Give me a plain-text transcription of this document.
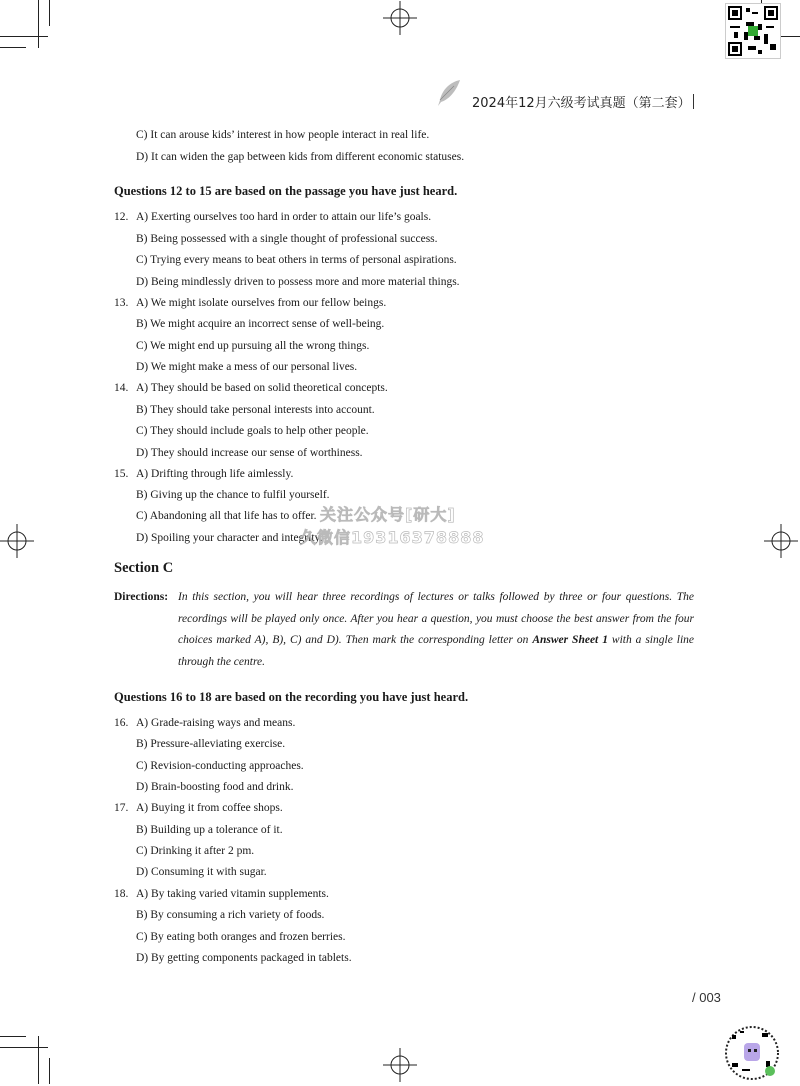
2024年12月六级考试真题（第二套）
C) It can arouse kids’ interest in how people interact in real life.
D) It can widen the gap between kids from different economic statuses.
Questions 12 to 15 are based on the passage you have just heard.
12. A) Exerting ourselves too hard in order to attain our life’s goals.
B) Being possessed with a single thought of professional success.
C) Trying every means to beat others in terms of personal aspirations.
D) Being mindlessly driven to possess more and more material things.
13. A) We might isolate ourselves from our fellow beings.
B) We might acquire an incorrect sense of well-being.
C) We might end up pursuing all the wrong things.
D) We might make a mess of our personal lives.
14. A) They should be based on solid theoretical concepts.
B) They should take personal interests into account.
C) They should include goals to help other people.
D) They should increase our sense of worthiness.
15. A) Drifting through life aimlessly.
B) Giving up the chance to fulfil yourself.
C) Abandoning all that life has to offer.
D) Spoiling your character and integrity.
关注公众号[研大]
久微信19316378888
Section C
Directions: In this section, you will hear three recordings of lectures or talks followed by three or four questions. The recordings will be played only once. After you hear a question, you must choose the best answer from the four choices marked A), B), C) and D). Then mark the corresponding letter on Answer Sheet 1 with a single line through the centre.
Questions 16 to 18 are based on the recording you have just heard.
16. A) Grade-raising ways and means.
B) Pressure-alleviating exercise.
C) Revision-conducting approaches.
D) Brain-boosting food and drink.
17. A) Buying it from coffee shops.
B) Building up a tolerance of it.
C) Drinking it after 2 pm.
D) Consuming it with sugar.
18. A) By taking varied vitamin supplements.
B) By consuming a rich variety of foods.
C) By eating both oranges and frozen berries.
D) By getting components packaged in tablets.
/ 003
